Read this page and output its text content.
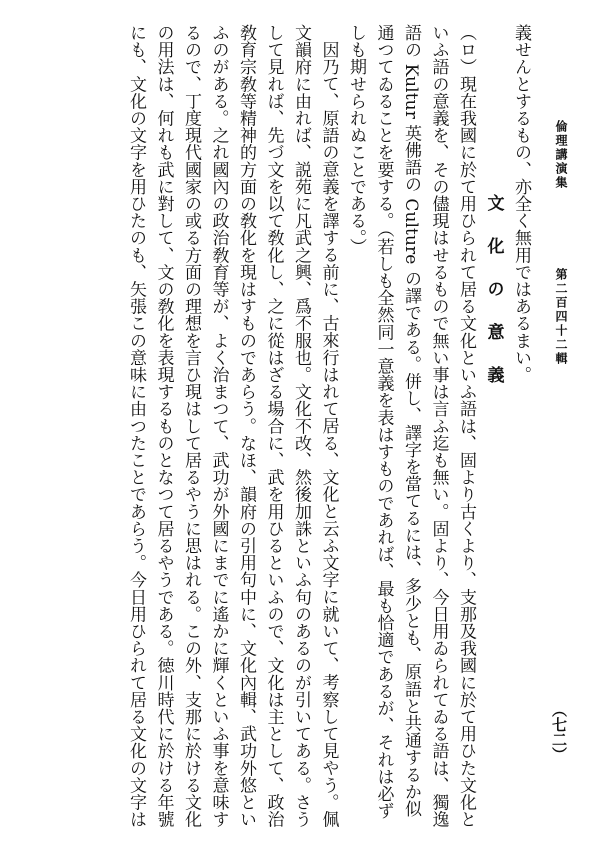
倫理講演集
第二百四十二輯
（七二）

義せんとするもの、亦全く無用ではあるまい。

文化の意義

（ロ）現在我國に於て用ひられて居る文化といふ語は、固より古くより、支那及我國に於て用ひた文化といふ語の意義を、その儘現はせるもので無い事は言ふ迄も無い。固より、今日用ゐられてゐる語は、獨逸語の Kultur 英佛語の Culture の譯である。併し、譯字を當てるには、多少とも、原語と共通するか似通つてゐることを要する。（若しも全然同一意義を表はすものであれば、最も恰適であるが、それは必ずしも期せられぬことである。）

因乃て、原語の意義を譯する前に、古來行はれて居る、文化と云ふ文字に就いて、考察して見やう。佩文韻府に由れば、説苑に凡武之興、爲不服也。文化不改、然後加誅といふ句のあるのが引いてある。さうして見れば、先づ文を以て敎化し、之に從はざる場合に、武を用ひるといふので、文化は主として、政治敎育宗敎等精神的方面の敎化を現はすものであらう。なほ、韻府の引用句中に、文化內輯、武功外悠といふのがある。之れ國內の政治敎育等が、よく治まつて、武功が外國にまでに遙かに輝くといふ事を意味するので、丁度現代國家の或る方面の理想を言ひ現はして居るやうに思はれる。この外、支那に於ける文化の用法は、何れも武に對して、文の敎化を表現するものとなつて居るやうである。徳川時代に於ける年號にも、文化の文字を用ひたのも、矢張この意味に由つたことであらう。今日用ひられて居る文化の文字は
